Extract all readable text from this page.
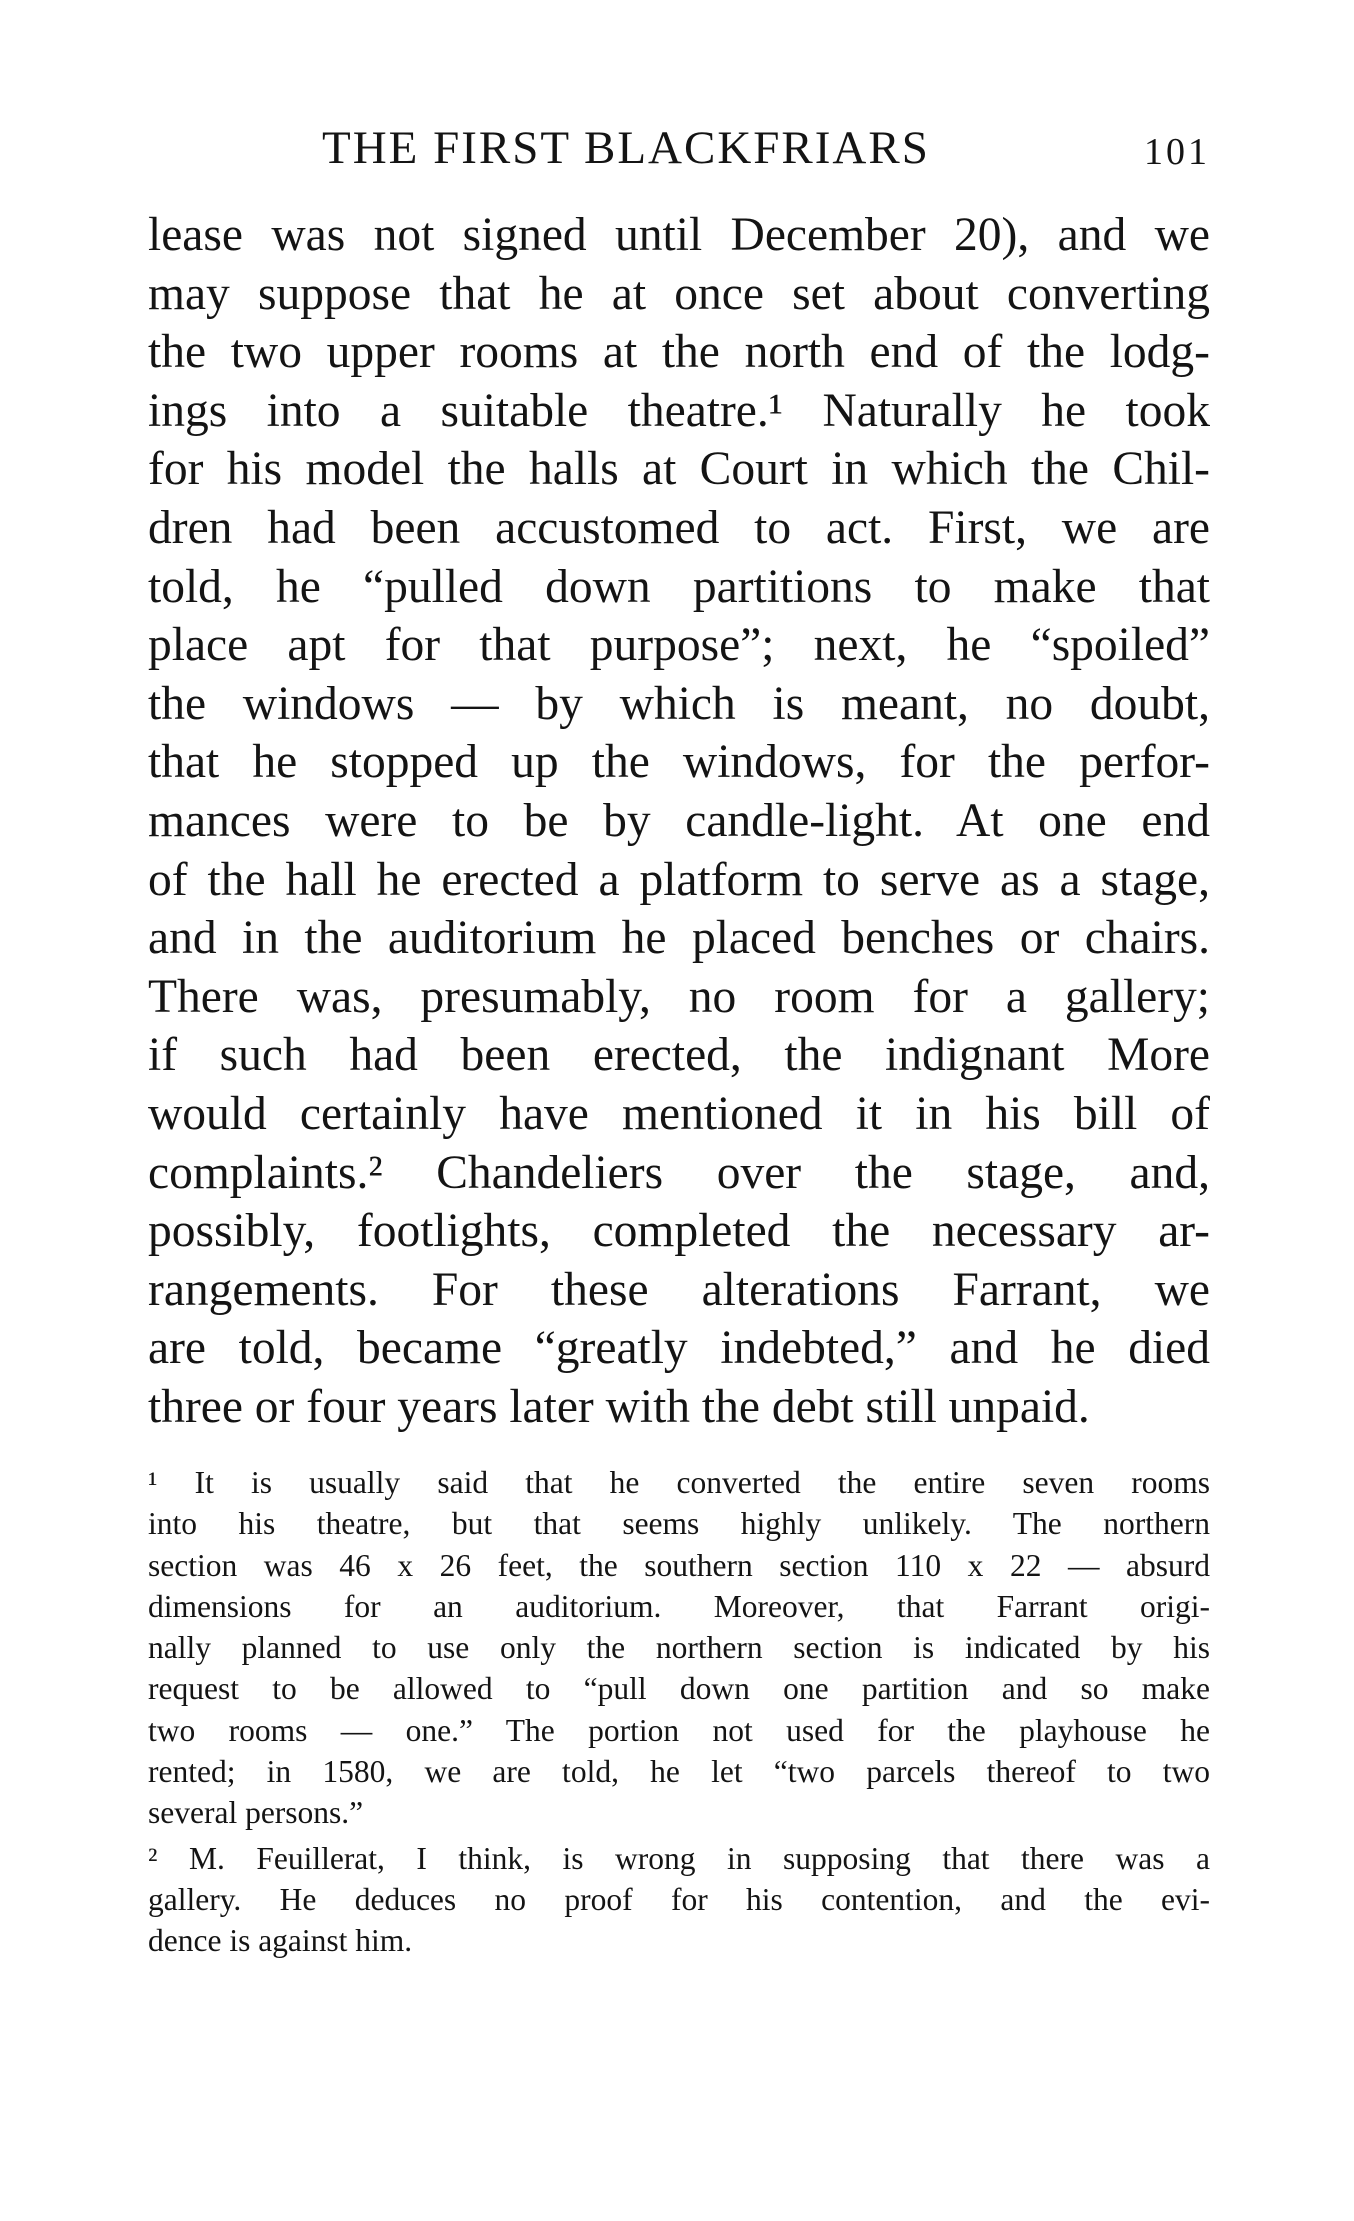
THE FIRST BLACKFRIARS	101
lease was not signed until December 20), and we
may suppose that he at once set about converting
the two upper rooms at the north end of the lodg-
ings into a suitable theatre.¹ Naturally he took
for his model the halls at Court in which the Chil-
dren had been accustomed to act. First, we are
told, he “pulled down partitions to make that
place apt for that purpose”; next, he “spoiled”
the windows — by which is meant, no doubt,
that he stopped up the windows, for the perfor-
mances were to be by candle-light. At one end
of the hall he erected a platform to serve as a stage,
and in the auditorium he placed benches or chairs.
There was, presumably, no room for a gallery;
if such had been erected, the indignant More
would certainly have mentioned it in his bill of
complaints.² Chandeliers over the stage, and,
possibly, footlights, completed the necessary ar-
rangements. For these alterations Farrant, we
are told, became “greatly indebted,” and he died
three or four years later with the debt still unpaid.
¹ It is usually said that he converted the entire seven rooms
into his theatre, but that seems highly unlikely. The northern
section was 46 x 26 feet, the southern section 110 x 22 — absurd
dimensions for an auditorium. Moreover, that Farrant origi-
nally planned to use only the northern section is indicated by his
request to be allowed to “pull down one partition and so make
two rooms — one.” The portion not used for the playhouse he
rented; in 1580, we are told, he let “two parcels thereof to two
several persons.”
² M. Feuillerat, I think, is wrong in supposing that there was a
gallery. He deduces no proof for his contention, and the evi-
dence is against him.
